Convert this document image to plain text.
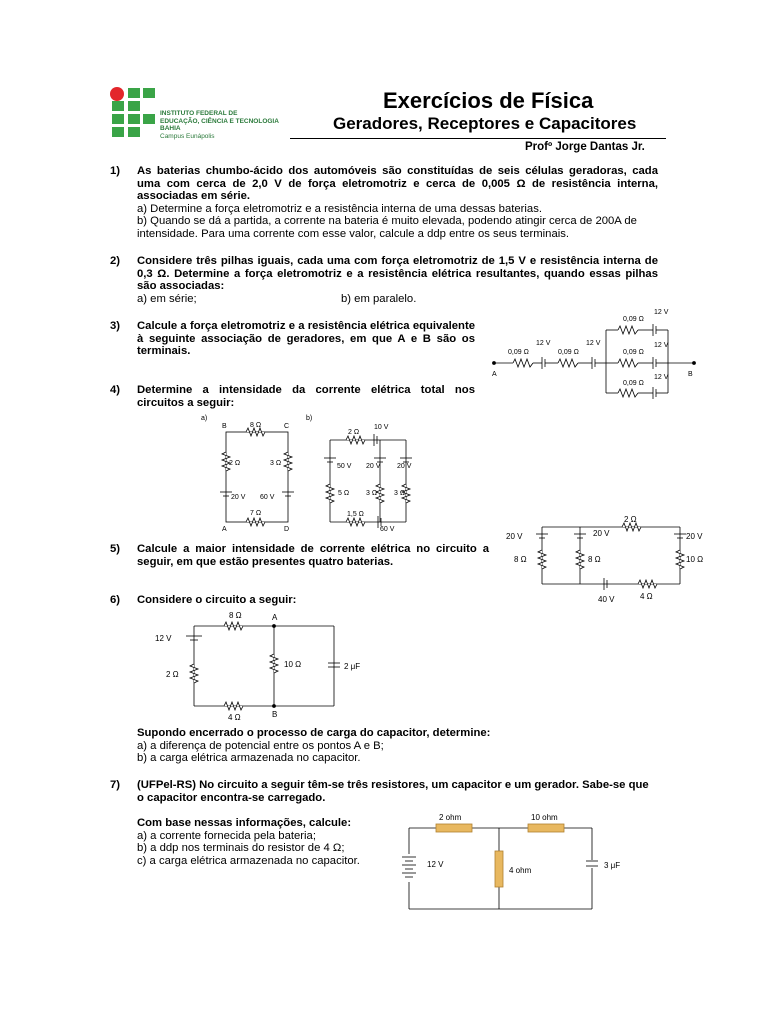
INSTITUTO FEDERAL DE
EDUCAÇÃO, CIÊNCIA E TECNOLOGIA
BAHIA
Campus Eunápolis
Exercícios de Física
Geradores, Receptores e Capacitores
Profº Jorge Dantas Jr.
1) As baterias chumbo-ácido dos automóveis são constituídas de seis células geradoras, cada uma com cerca de 2,0 V de força eletromotriz e cerca de 0,005 Ω de resistência interna, associadas em série.
a) Determine a força eletromotriz e a resistência interna de uma dessas baterias.
b) Quando se dá a partida, a corrente na bateria é muito elevada, podendo atingir cerca de 200A de intensidade. Para uma corrente com esse valor, calcule a ddp entre os seus terminais.
2) Considere três pilhas iguais, cada uma com força eletromotriz de 1,5 V e resistência interna de 0,3 Ω. Determine a força eletromotriz e a resistência elétrica resultantes, quando essas pilhas são associadas:
a) em série;	b) em paralelo.
3) Calcule a força eletromotriz e a resistência elétrica equivalente à seguinte associação de geradores, em que A e B são os terminais.
12 V
0,09 Ω
12 V
0,09 Ω
12 V
0,09 Ω
12 V
0,09 Ω
12 V
0,09 Ω
A	B
4) Determine a intensidade da corrente elétrica total nos circuitos a seguir:
a)
B	8 Ω	C
2 Ω	3 Ω
20 V 60 V
7 Ω
A	D
b)
2 Ω
10 V
50 V 20 V 20 V
5 Ω 3 Ω 3 Ω
1,5 Ω
60 V
5) Calcule a maior intensidade de corrente elétrica no circuito a seguir, em que estão presentes quatro baterias.
20 V	20 V
2 Ω
20 V
8 Ω	8 Ω	10 Ω
40 V	4 Ω
6) Considere o circuito a seguir:
8 Ω	A
12 V
10 Ω	2 μF
2 Ω
4 Ω	B
Supondo encerrado o processo de carga do capacitor, determine:
a) a diferença de potencial entre os pontos A e B;
b) a carga elétrica armazenada no capacitor.
7) (UFPel-RS) No circuito a seguir têm-se três resistores, um capacitor e um gerador. Sabe-se que o capacitor encontra-se carregado.
Com base nessas informações, calcule:
a) a corrente fornecida pela bateria;
b) a ddp nos terminais do resistor de 4 Ω;
c) a carga elétrica armazenada no capacitor.
2 ohm	10 ohm
12 V
4 ohm
3 μF
